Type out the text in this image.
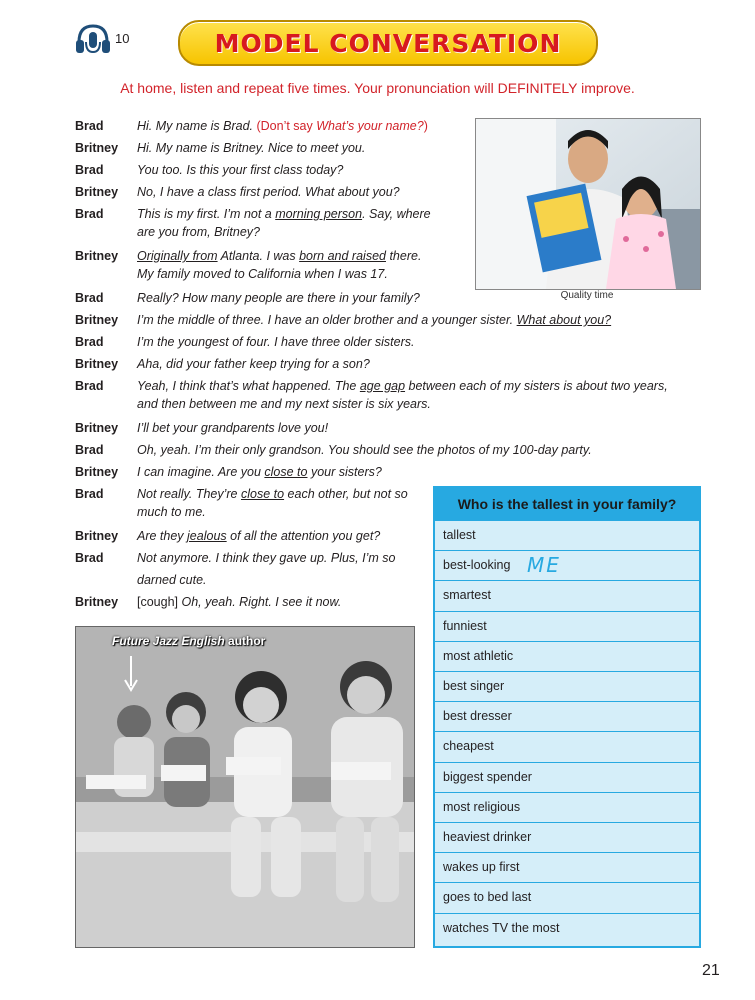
10	MODEL CONVERSATION
At home, listen and repeat five times. Your pronunciation will DEFINITELY improve.
Brad	Hi. My name is Brad. (Don’t say What’s your name?)
Britney	Hi. My name is Britney. Nice to meet you.
Brad	You too. Is this your first class today?
Britney	No, I have a class first period. What about you?
Brad	This is my first. I’m not a morning person. Say, where
are you from, Britney?
Britney	Originally from Atlanta. I was born and raised there.
My family moved to California when I was 17.
Brad	Really? How many people are there in your family?
Britney	I’m the middle of three. I have an older brother and a younger sister. What about you?
Brad	I’m the youngest of four. I have three older sisters.
Britney	Aha, did your father keep trying for a son?
Brad	Yeah, I think that’s what happened. The age gap between each of my sisters is about two years,
and then between me and my next sister is six years.
Britney	I’ll bet your grandparents love you!
Brad	Oh, yeah. I’m their only grandson. You should see the photos of my 100-day party.
Britney	I can imagine. Are you close to your sisters?
Brad	Not really. They’re close to each other, but not so
much to me.
Britney	Are they jealous of all the attention you get?
Brad	Not anymore. I think they gave up. Plus, I’m so
darned cute.
Britney	[cough] Oh, yeah. Right. I see it now.
Quality time
Future Jazz English author
Who is the tallest in your family?
tallest
best-looking ME
smartest
funniest
most athletic
best singer
best dresser
cheapest
biggest spender
most religious
heaviest drinker
wakes up first
goes to bed last
watches TV the most
21
